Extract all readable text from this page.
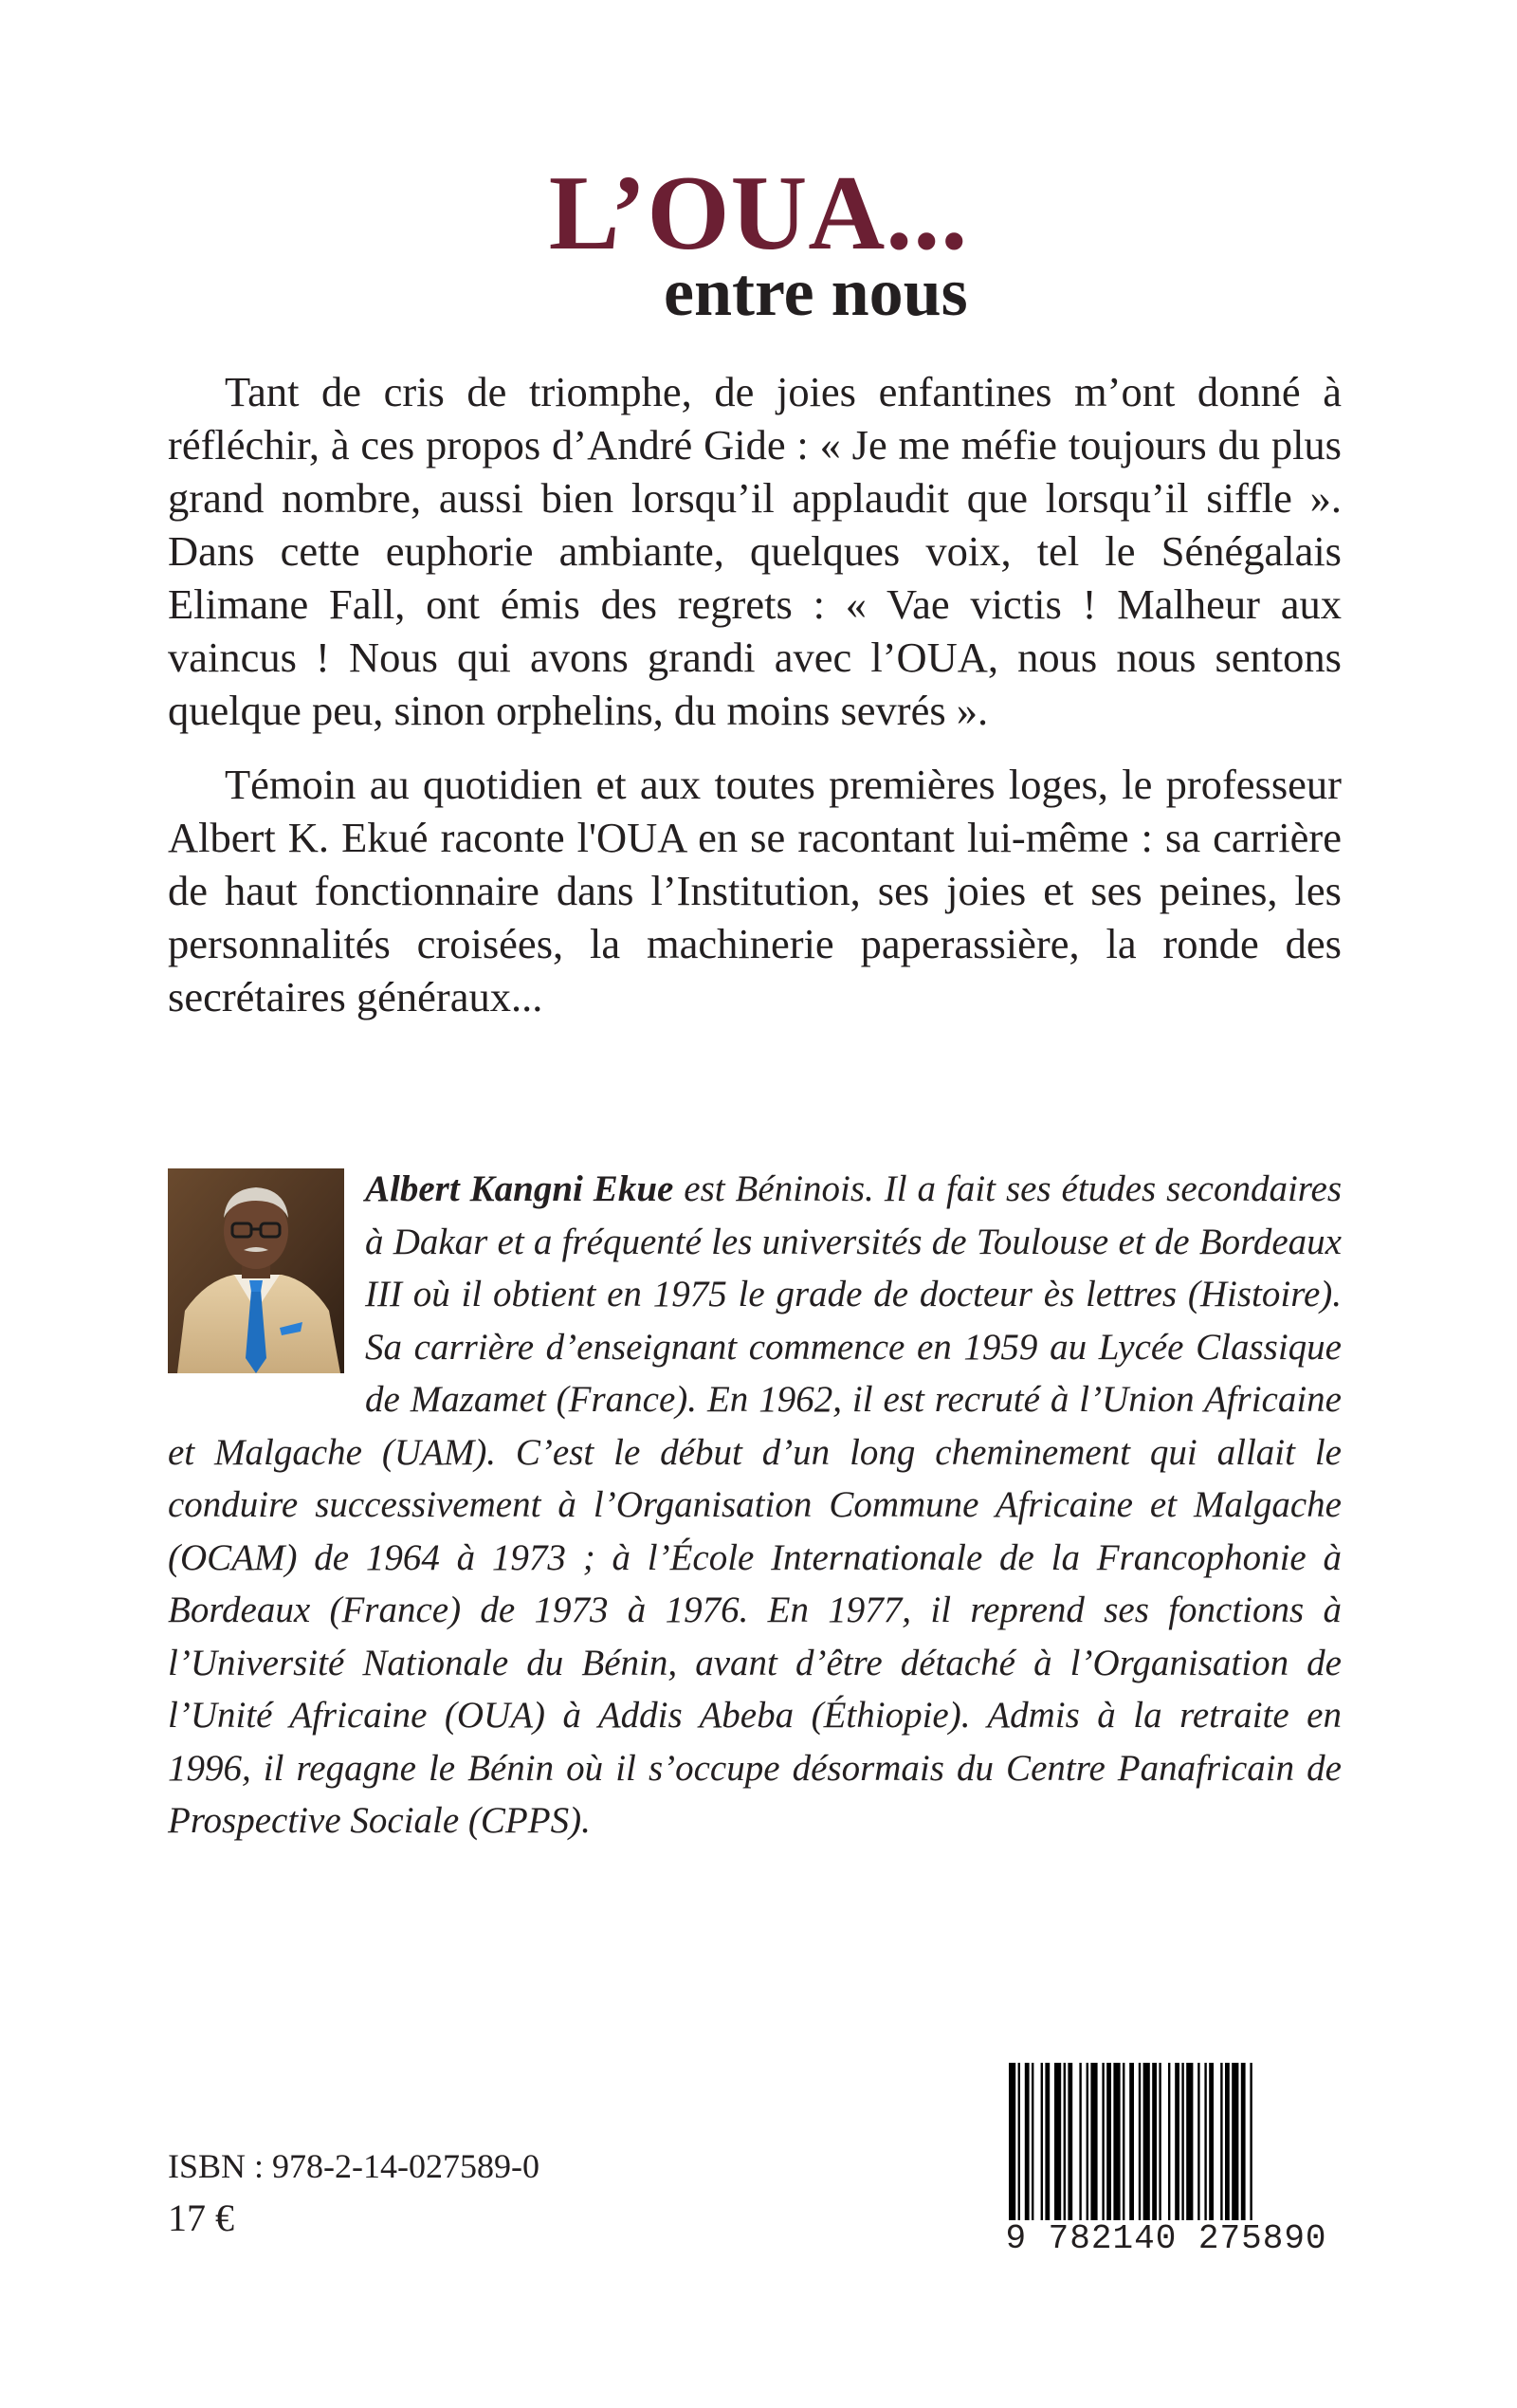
L’OUA...
entre nous

Tant de cris de triomphe, de joies enfantines m’ont donné à réfléchir, à ces propos d’André Gide : « Je me méfie toujours du plus grand nombre, aussi bien lorsqu’il applaudit que lorsqu’il siffle ». Dans cette euphorie ambiante, quelques voix, tel le Sénégalais Elimane Fall, ont émis des regrets : « Vae victis ! Malheur aux vaincus ! Nous qui avons grandi avec l’OUA, nous nous sentons quelque peu, sinon orphelins, du moins sevrés ».

Témoin au quotidien et aux toutes premières loges, le professeur Albert K. Ekué raconte l'OUA en se racontant lui-même : sa carrière de haut fonctionnaire dans l’Institution, ses joies et ses peines, les personnalités croisées, la machinerie paperassière, la ronde des secrétaires généraux...

Albert Kangni Ekue est Béninois. Il a fait ses études secondaires à Dakar et a fréquenté les universités de Toulouse et de Bordeaux III où il obtient en 1975 le grade de docteur ès lettres (Histoire). Sa carrière d’enseignant commence en 1959 au Lycée Classique de Mazamet (France). En 1962, il est recruté à l’Union Africaine et Malgache (UAM). C’est le début d’un long cheminement qui allait le conduire successivement à l’Organisation Commune Africaine et Malgache (OCAM) de 1964 à 1973 ; à l’École Internationale de la Francophonie à Bordeaux (France) de 1973 à 1976. En 1977, il reprend ses fonctions à l’Université Nationale du Bénin, avant d’être détaché à l’Organisation de l’Unité Africaine (OUA) à Addis Abeba (Éthiopie). Admis à la retraite en 1996, il regagne le Bénin où il s’occupe désormais du Centre Panafricain de Prospective Sociale (CPPS).

ISBN : 978-2-14-027589-0
17 €	9 782140 275890
